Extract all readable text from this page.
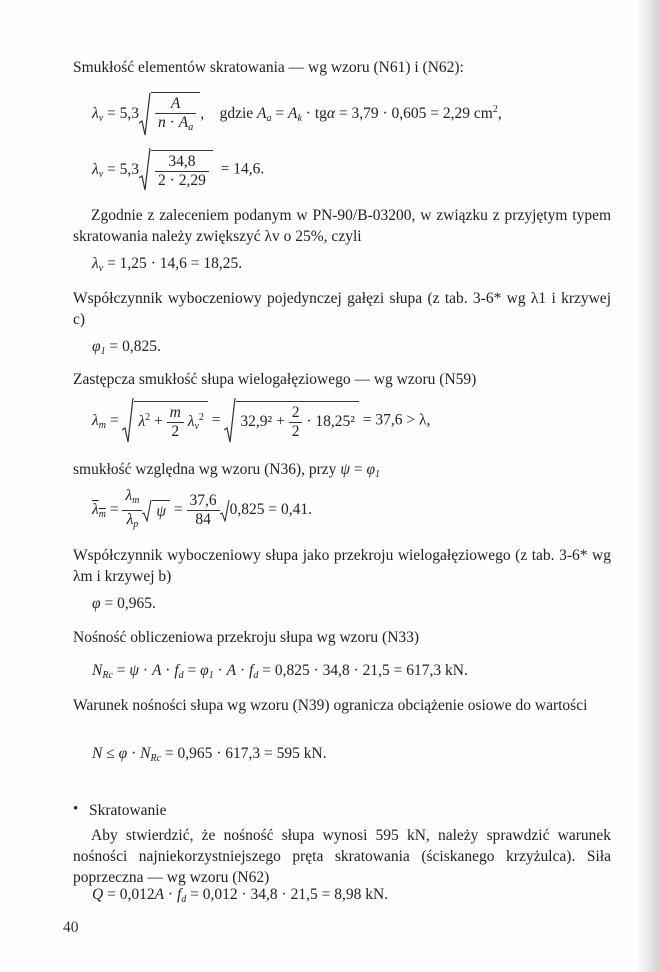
Smukłość elementów skratowania — wg wzoru (N61) i (N62):
$\lambda_v = 5,3 \frac{A}{n \cdot A_a}$ ,    gdzie $A_a = A_k \cdot tg\alpha = 3,79 \cdot 0,605 = 2,29$ $cm^2$,
$\lambda_v = 5,3 \frac{34,8}{2 \cdot 2,29} = 14,6$.
Zgodnie z zaleceniem podanym w PN-90/B-03200, w związku z przyjętym typem skratowania należy zwiększyć λv o 25%, czyli
$\lambda_v = 1,25 \cdot 14,6 = 18,25$.
Współczynnik wyboczeniowy pojedynczej gałęzi słupa (z tab. 3-6* wg λ1 i krzywej c)
$\varphi_1 = 0,825$.
Zastępcza smukłość słupa wielogałęziowego — wg wzoru (N59)
$\lambda_m = \lambda^2 + \frac{m}{2} \lambda_v^2 = 32,9^2 + \frac{2}{2} \cdot 18,25^2 = 37,6 > \lambda$,
smukłość względna wg wzoru (N36), przy $\psi = \varphi_1$
$\lambda_m = \frac{\lambda_m}{\lambda_p}$ $\psi = \frac{37,6}{84} 0,825 = 0,41$.
Współczynnik wyboczeniowy słupa jako przekroju wielogałęziowego (z tab. 3-6* wg λm i krzywej b)
φ = 0,965.
Nośność obliczeniowa przekroju słupa wg wzoru (N33)
$N_{Rc} = \psi \cdot A \cdot f_d = \varphi_1 \cdot A \cdot f_d = 0,825 \cdot 34,8 \cdot 21,5 = 617,3$ kN.
Warunek nośności słupa wg wzoru (N39) ogranicza obciążenie osiowe do wartości
$N \le \varphi \cdot N_{Rc} = 0,965 \cdot 617,3 = 595$ kN.
• Skratowanie
Aby stwierdzić, że nośność słupa wynosi 595 kN, należy sprawdzić warunek nośności najniekorzystniejszego pręta skratowania (ściskanego krzyżulca). Siła poprzeczna — wg wzoru (N62)
$Q = 0,012A \cdot f_d = 0,012 \cdot 34,8 \cdot 21,5 = 8,98$ kN.
40
